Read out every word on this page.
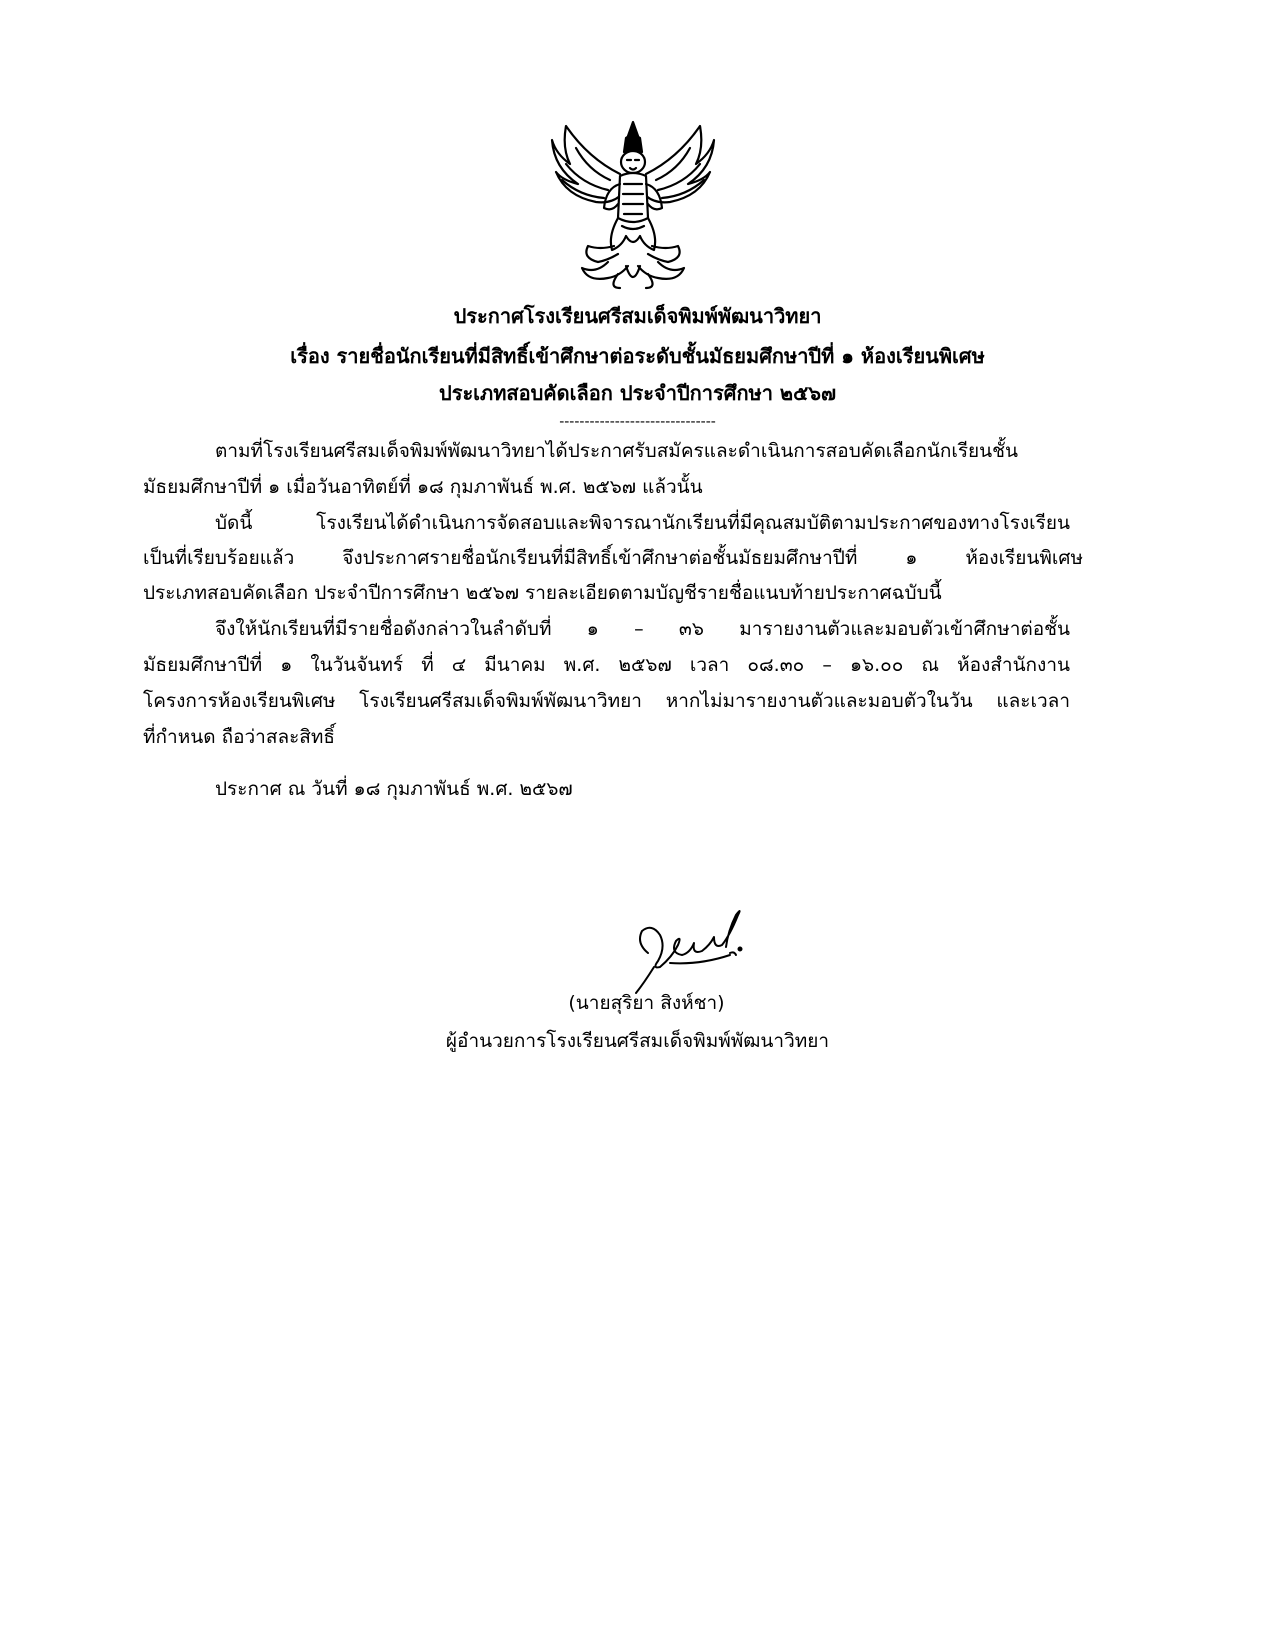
ประกาศโรงเรียนศรีสมเด็จพิมพ์พัฒนาวิทยา
เรื่อง รายชื่อนักเรียนที่มีสิทธิ์เข้าศึกษาต่อระดับชั้นมัธยมศึกษาปีที่ ๑ ห้องเรียนพิเศษ
ประเภทสอบคัดเลือก ประจำปีการศึกษา ๒๕๖๗
-------------------------------
ตามที่โรงเรียนศรีสมเด็จพิมพ์พัฒนาวิทยาได้ประกาศรับสมัครและดำเนินการสอบคัดเลือกนักเรียนชั้น
มัธยมศึกษาปีที่ ๑ เมื่อวันอาทิตย์ที่ ๑๘ กุมภาพันธ์ พ.ศ. ๒๕๖๗ แล้วนั้น
บัดนี้ โรงเรียนได้ดำเนินการจัดสอบและพิจารณานักเรียนที่มีคุณสมบัติตามประกาศของทางโรงเรียน
เป็นที่เรียบร้อยแล้ว จึงประกาศรายชื่อนักเรียนที่มีสิทธิ์เข้าศึกษาต่อชั้นมัธยมศึกษาปีที่ ๑ ห้องเรียนพิเศษ
ประเภทสอบคัดเลือก ประจำปีการศึกษา ๒๕๖๗ รายละเอียดตามบัญชีรายชื่อแนบท้ายประกาศฉบับนี้
จึงให้นักเรียนที่มีรายชื่อดังกล่าวในลำดับที่ ๑ – ๓๖ มารายงานตัวและมอบตัวเข้าศึกษาต่อชั้น
มัธยมศึกษาปีที่ ๑ ในวันจันทร์ ที่ ๔ มีนาคม พ.ศ. ๒๕๖๗ เวลา ๐๘.๓๐ – ๑๖.๐๐ ณ ห้องสำนักงาน
โครงการห้องเรียนพิเศษ โรงเรียนศรีสมเด็จพิมพ์พัฒนาวิทยา หากไม่มารายงานตัวและมอบตัวในวัน และเวลา
ที่กำหนด ถือว่าสละสิทธิ์
ประกาศ ณ วันที่ ๑๘ กุมภาพันธ์ พ.ศ. ๒๕๖๗
(นายสุริยา สิงห์ชา)
ผู้อำนวยการโรงเรียนศรีสมเด็จพิมพ์พัฒนาวิทยา
